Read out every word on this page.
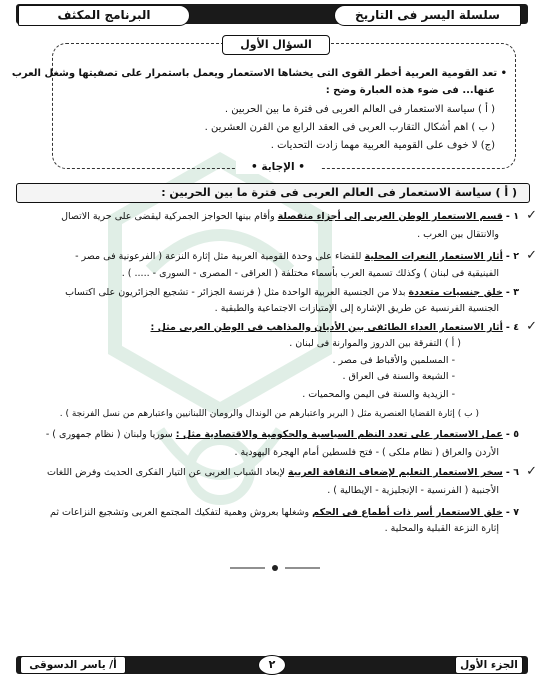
سلسلة اليسر فى التاريخ
البرنامج المكثف
السؤال الأول
• تعد القومية العربية أخطر القوى التى يخشاها الاستعمار ويعمل باستمرار على تصفيتها وشغل العرب
عنها... فى ضوء هذه العبارة وضح :
( أ ) سياسة الاستعمار فى العالم العربى فى فترة ما بين الحربين .
( ب ) اهم أشكال التقارب العربى فى العقد الرابع من القرن العشرين .
(ج) لا خوف على القومية العربية مهما زادت التحديات .
• الإجابة •
( أ ) سياسة الاستعمار فى العالم العربى فى فترة ما بين الحربين :
١ - قسم الاستعمار الوطن العربى إلى أجزاء منفصلة وأقام بينها الحواجز الجمركية ليقضى على حرية الاتصال
والانتقال بين العرب .
٢ - أثار الاستعمار النعرات المحلية للقضاء على وحدة القومية العربية مثل إثارة النزعة ( الفرعونية فى مصر -
الفينيقية فى لبنان ) وكذلك تسمية العرب بأسماء مختلفة ( العراقى - المصرى - السورى - ..... ) .
٣ - خلق جنسيات متعددة بدلا من الجنسية العربية الواحدة مثل ( فرنسة الجزائر - تشجيع الجزائريون على اكتساب
الجنسية الفرنسية عن طريق الإشارة إلى الإمتيازات الاجتماعية والطبقية .
٤ - أثار الاستعمار العداء الطائفى بين الأديان والمذاهب فى الوطن العربى مثل :
( أ ) التفرقة بين الدروز والموارنة فى لبنان .
- المسلمين والأقباط فى مصر .
- الشيعة والسنة فى العراق .
- الزيدية والسنة فى اليمن والمحميات .
( ب ) إثارة القضايا العنصرية مثل ( البربر واعتبارهم من الوندال والرومان اللبنانيين واعتبارهم من نسل الفرنجة ) .
٥ - عمل الاستعمار على تعدد النظم السياسية والحكومية والاقتصادية مثل : سوريا ولبنان ( نظام جمهورى ) -
الأردن والعراق ( نظام ملكى ) - فتح فلسطين أمام الهجرة اليهودية .
٦ - سخر الاستعمار التعليم لإضعاف الثقافة العربية لإبعاد الشباب العربى عن التيار الفكرى الحديث وفرض اللغات
الأجنبية ( الفرنسية - الإنجليزية - الإيطالية ) .
٧ - خلق الاستعمار أسر ذات أطماع فى الحكم وشغلها بعروش وهمية لتفكيك المجتمع العربى وتشجيع النزاعات ثم
إثارة النزعة القبلية والمحلية .
✓
✓
✓
✓
الجزء الأول
٢
أ/ ياسر الدسوقى
